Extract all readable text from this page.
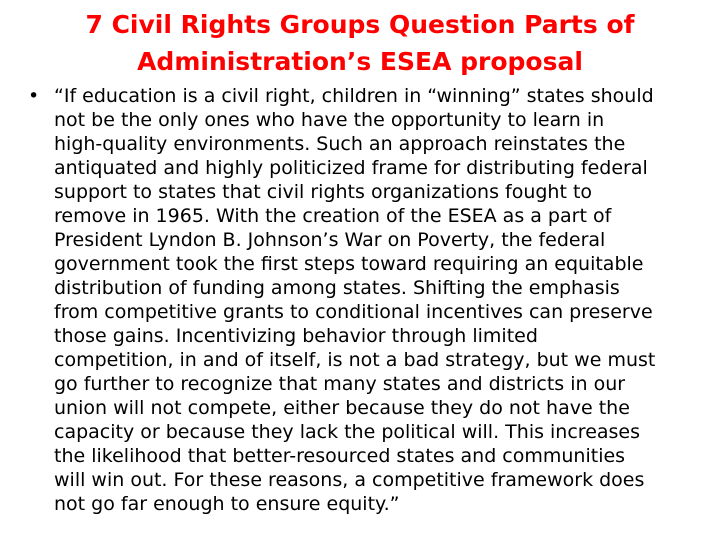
7 Civil Rights Groups Question Parts of
Administration’s ESEA proposal
• “If education is a civil right, children in “winning” states should
not be the only ones who have the opportunity to learn in
high-quality environments. Such an approach reinstates the
antiquated and highly politicized frame for distributing federal
support to states that civil rights organizations fought to
remove in 1965. With the creation of the ESEA as a part of
President Lyndon B. Johnson’s War on Poverty, the federal
government took the first steps toward requiring an equitable
distribution of funding among states. Shifting the emphasis
from competitive grants to conditional incentives can preserve
those gains. Incentivizing behavior through limited
competition, in and of itself, is not a bad strategy, but we must
go further to recognize that many states and districts in our
union will not compete, either because they do not have the
capacity or because they lack the political will. This increases
the likelihood that better-resourced states and communities
will win out. For these reasons, a competitive framework does
not go far enough to ensure equity.”
